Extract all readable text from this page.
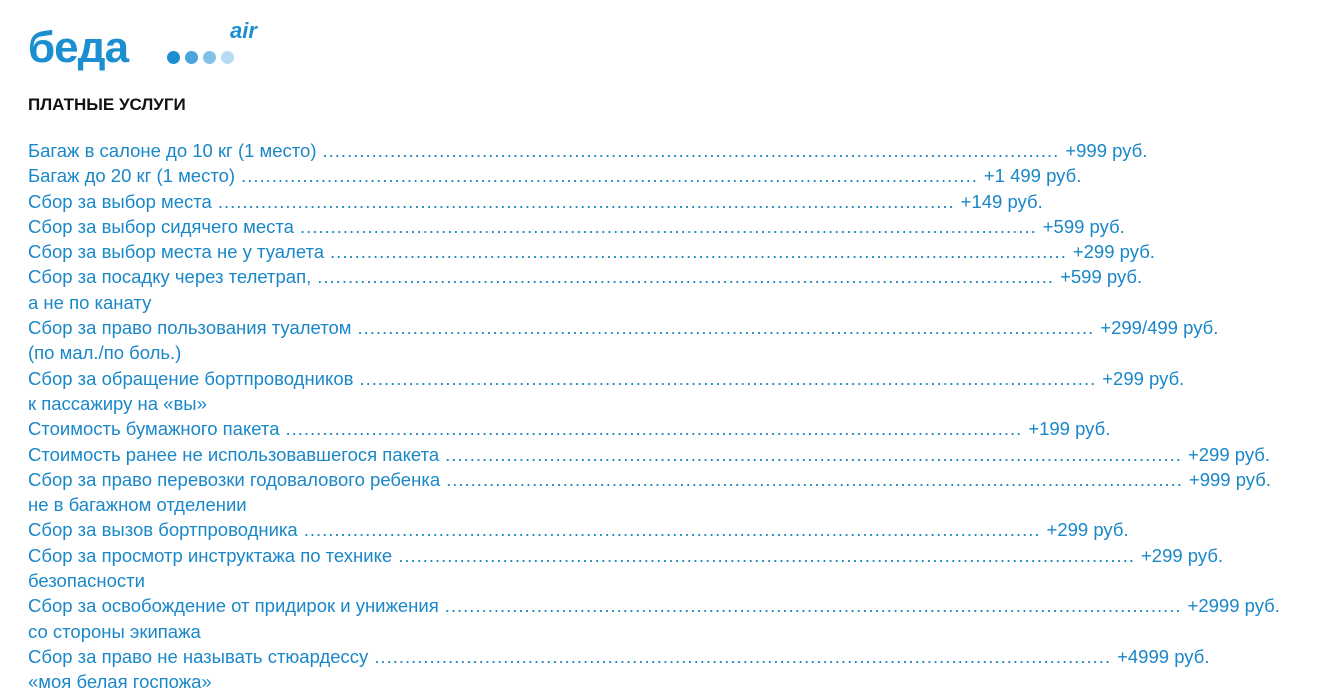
беда	air
ПЛАТНЫЕ УСЛУГИ
Багаж в салоне до 10 кг (1 место) ........................................................................................................................ +999 руб.
Багаж до 20 кг (1 место) ........................................................................................................................ +1 499 руб.
Сбор за выбор места ........................................................................................................................ +149 руб.
Сбор за выбор сидячего места ........................................................................................................................ +599 руб.
Сбор за выбор места не у туалета ........................................................................................................................ +299 руб.
Сбор за посадку через телетрап, ........................................................................................................................ +599 руб.
а не по канату
Сбор за право пользования туалетом ........................................................................................................................ +299/499 руб.
(по мал./по боль.)
Сбор за обращение бортпроводников ........................................................................................................................ +299 руб.
к пассажиру на «вы»
Стоимость бумажного пакета ........................................................................................................................ +199 руб.
Стоимость ранее не использовавшегося пакета ........................................................................................................................ +299 руб.
Сбор за право перевозки годовалового ребенка ........................................................................................................................ +999 руб.
не в багажном отделении
Сбор за вызов бортпроводника ........................................................................................................................ +299 руб.
Сбор за просмотр инструктажа по технике ........................................................................................................................ +299 руб.
безопасности
Сбор за освобождение от придирок и унижения ........................................................................................................................ +2999 руб.
со стороны экипажа
Сбор за право не называть стюардессу ........................................................................................................................ +4999 руб.
«моя белая госпожа»
